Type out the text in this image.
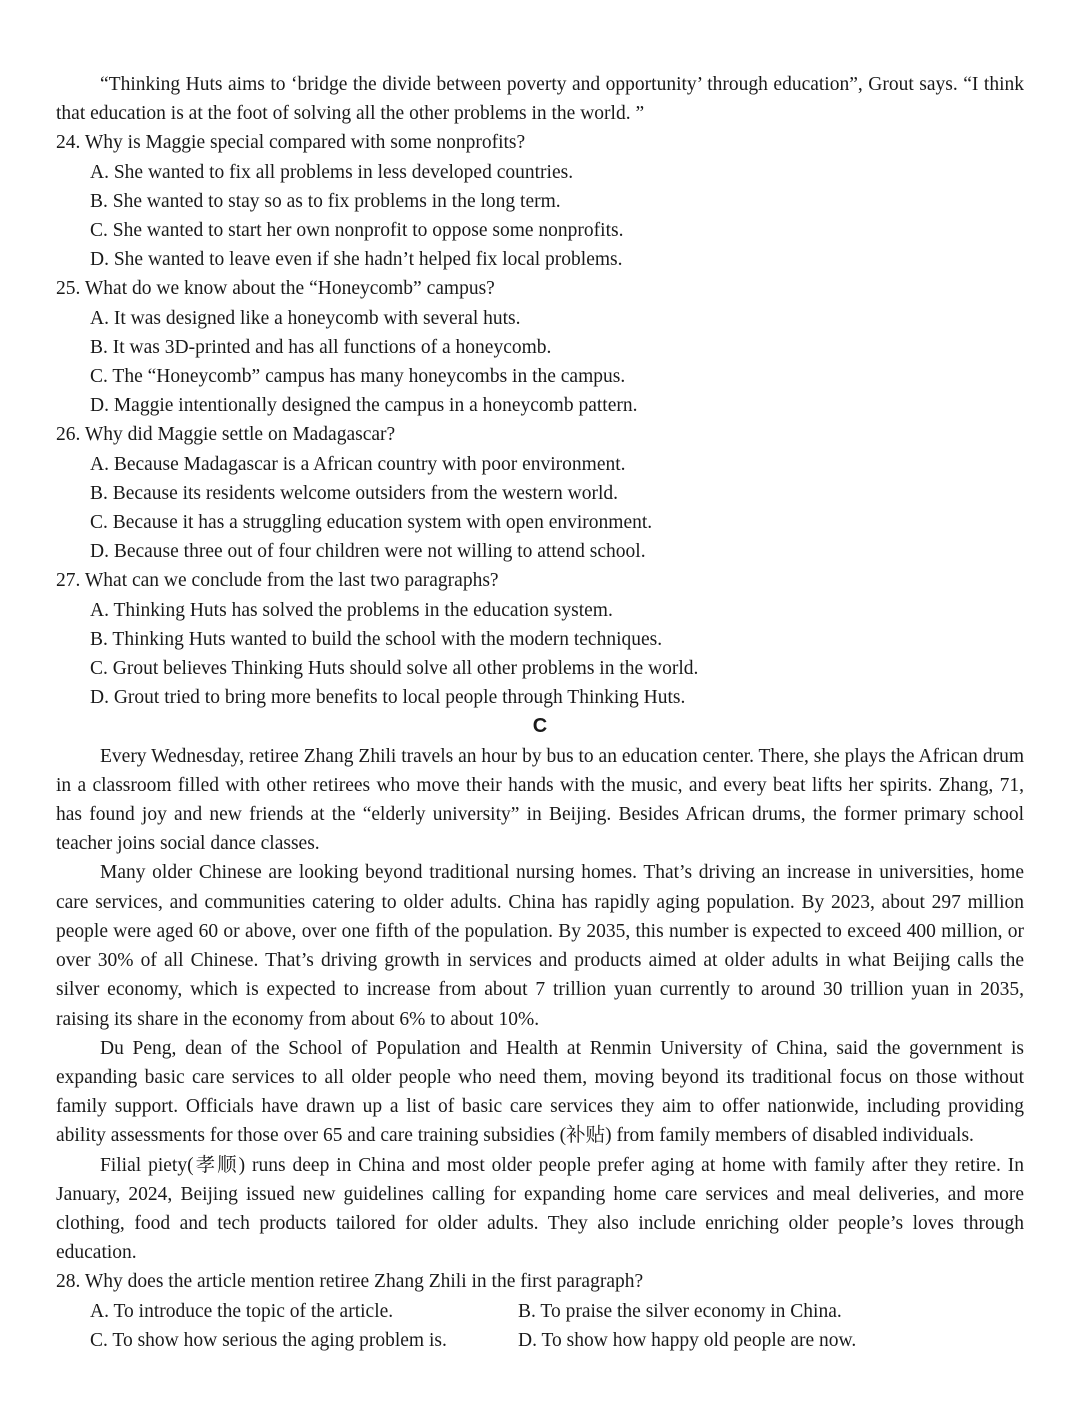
“Thinking Huts aims to ‘bridge the divide between poverty and opportunity’ through education”, Grout says. “I think that education is at the foot of solving all the other problems in the world. ”

24. Why is Maggie special compared with some nonprofits?

A. She wanted to fix all problems in less developed countries.

B. She wanted to stay so as to fix problems in the long term.

C. She wanted to start her own nonprofit to oppose some nonprofits.

D. She wanted to leave even if she hadn’t helped fix local problems.

25. What do we know about the “Honeycomb” campus?

A. It was designed like a honeycomb with several huts.

B. It was 3D-printed and has all functions of a honeycomb.

C. The “Honeycomb” campus has many honeycombs in the campus.

D. Maggie intentionally designed the campus in a honeycomb pattern.

26. Why did Maggie settle on Madagascar?

A. Because Madagascar is a African country with poor environment.

B. Because its residents welcome outsiders from the western world.

C. Because it has a struggling education system with open environment.

D. Because three out of four children were not willing to attend school.

27. What can we conclude from the last two paragraphs?

A. Thinking Huts has solved the problems in the education system.

B. Thinking Huts wanted to build the school with the modern techniques.

C. Grout believes Thinking Huts should solve all other problems in the world.

D. Grout tried to bring more benefits to local people through Thinking Huts.

C

Every Wednesday, retiree Zhang Zhili travels an hour by bus to an education center. There, she plays the African drum in a classroom filled with other retirees who move their hands with the music, and every beat lifts her spirits. Zhang, 71, has found joy and new friends at the “elderly university” in Beijing. Besides African drums, the former primary school teacher joins social dance classes.

Many older Chinese are looking beyond traditional nursing homes. That’s driving an increase in universities, home care services, and communities catering to older adults. China has rapidly aging population. By 2023, about 297 million people were aged 60 or above, over one fifth of the population. By 2035, this number is expected to exceed 400 million, or over 30% of all Chinese. That’s driving growth in services and products aimed at older adults in what Beijing calls the silver economy, which is expected to increase from about 7 trillion yuan currently to around 30 trillion yuan in 2035, raising its share in the economy from about 6% to about 10%.

Du Peng, dean of the School of Population and Health at Renmin University of China, said the government is expanding basic care services to all older people who need them, moving beyond its traditional focus on those without family support. Officials have drawn up a list of basic care services they aim to offer nationwide, including providing ability assessments for those over 65 and care training subsidies (补贴) from family members of disabled individuals.

Filial piety(孝顺) runs deep in China and most older people prefer aging at home with family after they retire. In January, 2024, Beijing issued new guidelines calling for expanding home care services and meal deliveries, and more clothing, food and tech products tailored for older adults. They also include enriching older people’s loves through education.

28. Why does the article mention retiree Zhang Zhili in the first paragraph?

A. To introduce the topic of the article.	B. To praise the silver economy in China.
C. To show how serious the aging problem is.	D. To show how happy old people are now.
